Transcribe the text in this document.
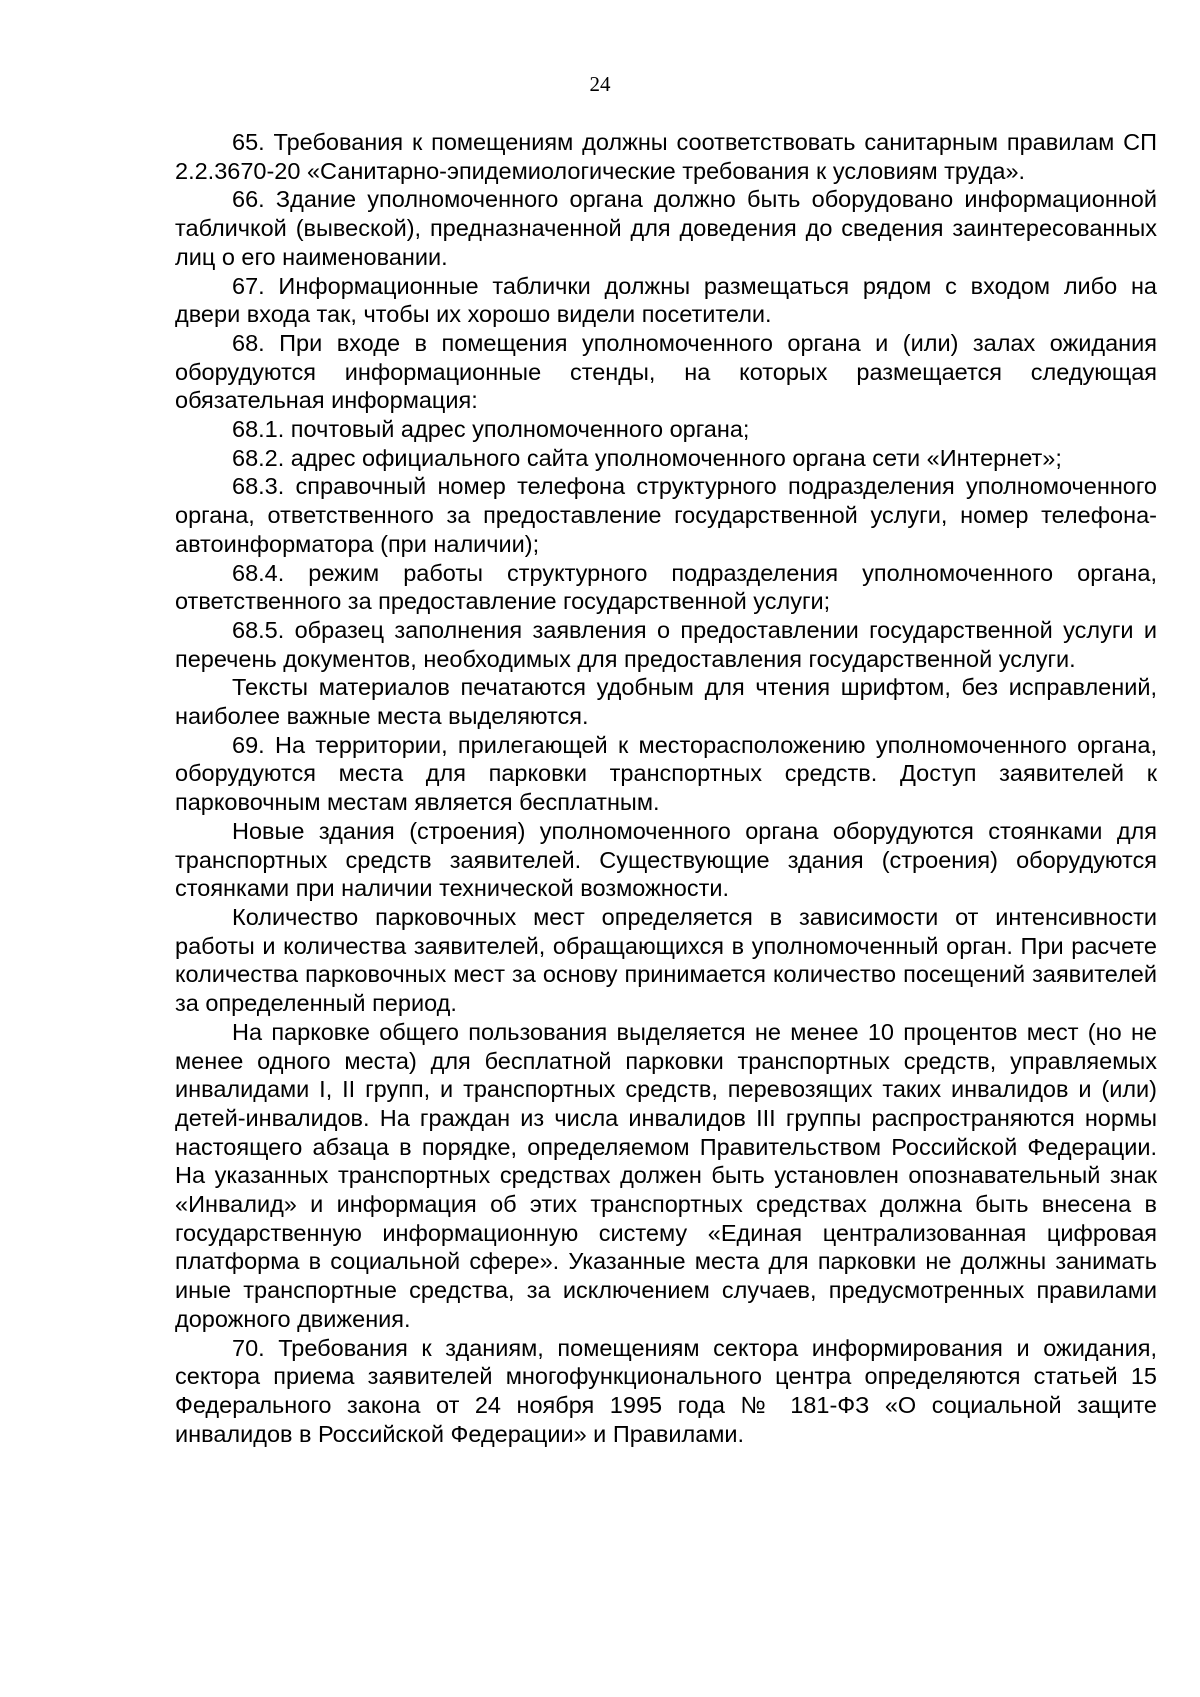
24

65. Требования к помещениям должны соответствовать санитарным правилам СП 2.2.3670-20 «Санитарно-эпидемиологические требования к условиям труда».

66. Здание уполномоченного органа должно быть оборудовано информационной табличкой (вывеской), предназначенной для доведения до сведения заинтересованных лиц о его наименовании.

67. Информационные таблички должны размещаться рядом с входом либо на двери входа так, чтобы их хорошо видели посетители.

68. При входе в помещения уполномоченного органа и (или) залах ожидания оборудуются информационные стенды, на которых размещается следующая обязательная информация:

68.1. почтовый адрес уполномоченного органа;

68.2. адрес официального сайта уполномоченного органа сети «Интернет»;

68.3. справочный номер телефона структурного подразделения уполномоченного органа, ответственного за предоставление государственной услуги, номер телефона-автоинформатора (при наличии);

68.4. режим работы структурного подразделения уполномоченного органа, ответственного за предоставление государственной услуги;

68.5. образец заполнения заявления о предоставлении государственной услуги и перечень документов, необходимых для предоставления государственной услуги.

Тексты материалов печатаются удобным для чтения шрифтом, без исправлений, наиболее важные места выделяются.

69. На территории, прилегающей к месторасположению уполномоченного органа, оборудуются места для парковки транспортных средств. Доступ заявителей к парковочным местам является бесплатным.

Новые здания (строения) уполномоченного органа оборудуются стоянками для транспортных средств заявителей. Существующие здания (строения) оборудуются стоянками при наличии технической возможности.

Количество парковочных мест определяется в зависимости от интенсивности работы и количества заявителей, обращающихся в уполномоченный орган. При расчете количества парковочных мест за основу принимается количество посещений заявителей за определенный период.

На парковке общего пользования выделяется не менее 10 процентов мест (но не менее одного места) для бесплатной парковки транспортных средств, управляемых инвалидами I, II групп, и транспортных средств, перевозящих таких инвалидов и (или) детей-инвалидов. На граждан из числа инвалидов III группы распространяются нормы настоящего абзаца в порядке, определяемом Правительством Российской Федерации. На указанных транспортных средствах должен быть установлен опознавательный знак «Инвалид» и информация об этих транспортных средствах должна быть внесена в государственную информационную систему «Единая централизованная цифровая платформа в социальной сфере». Указанные места для парковки не должны занимать иные транспортные средства, за исключением случаев, предусмотренных правилами дорожного движения.

70. Требования к зданиям, помещениям сектора информирования и ожидания, сектора приема заявителей многофункционального центра определяются статьей 15 Федерального закона от 24 ноября 1995 года № 181-ФЗ «О социальной защите инвалидов в Российской Федерации» и Правилами.
